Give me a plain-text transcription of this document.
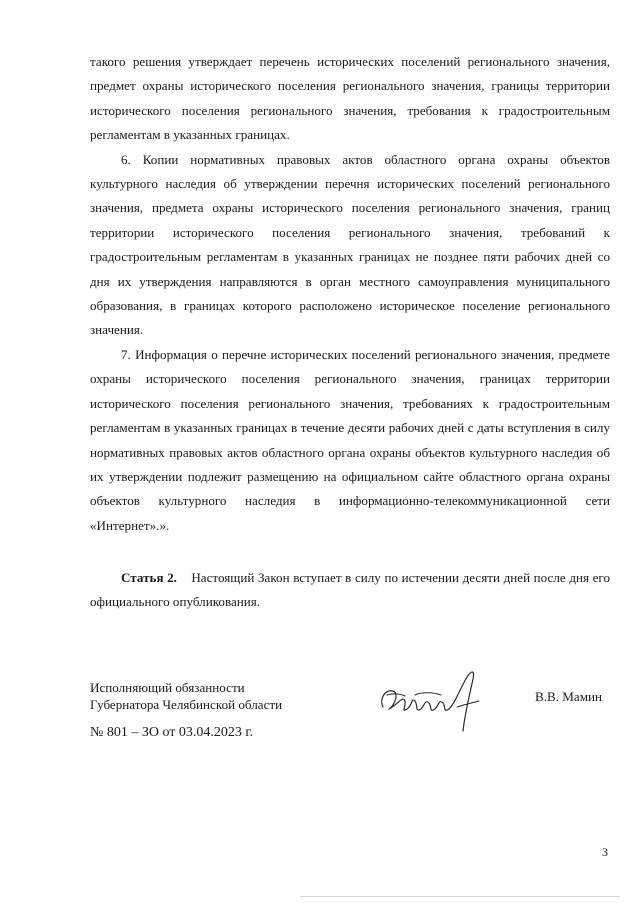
такого решения утверждает перечень исторических поселений регионального значения, предмет охраны исторического поселения регионального значения, границы территории исторического поселения регионального значения, требования к градостроительным регламентам в указанных границах.

6. Копии нормативных правовых актов областного органа охраны объектов культурного наследия об утверждении перечня исторических поселений регионального значения, предмета охраны исторического поселения регионального значения, границ территории исторического поселения регионального значения, требований к градостроительным регламентам в указанных границах не позднее пяти рабочих дней со дня их утверждения направляются в орган местного самоуправления муниципального образования, в границах которого расположено историческое поселение регионального значения.

7. Информация о перечне исторических поселений регионального значения, предмете охраны исторического поселения регионального значения, границах территории исторического поселения регионального значения, требованиях к градостроительным регламентам в указанных границах в течение десяти рабочих дней с даты вступления в силу нормативных правовых актов областного органа охраны объектов культурного наследия об их утверждении подлежит размещению на официальном сайте областного органа охраны объектов культурного наследия в информационно-телекоммуникационной сети «Интернет».».

Статья 2. Настоящий Закон вступает в силу по истечении десяти дней после дня его официального опубликования.

Исполняющий обязанности
Губернатора Челябинской области
В.В. Мамин
№ 801 – ЗО от 03.04.2023 г.
3
